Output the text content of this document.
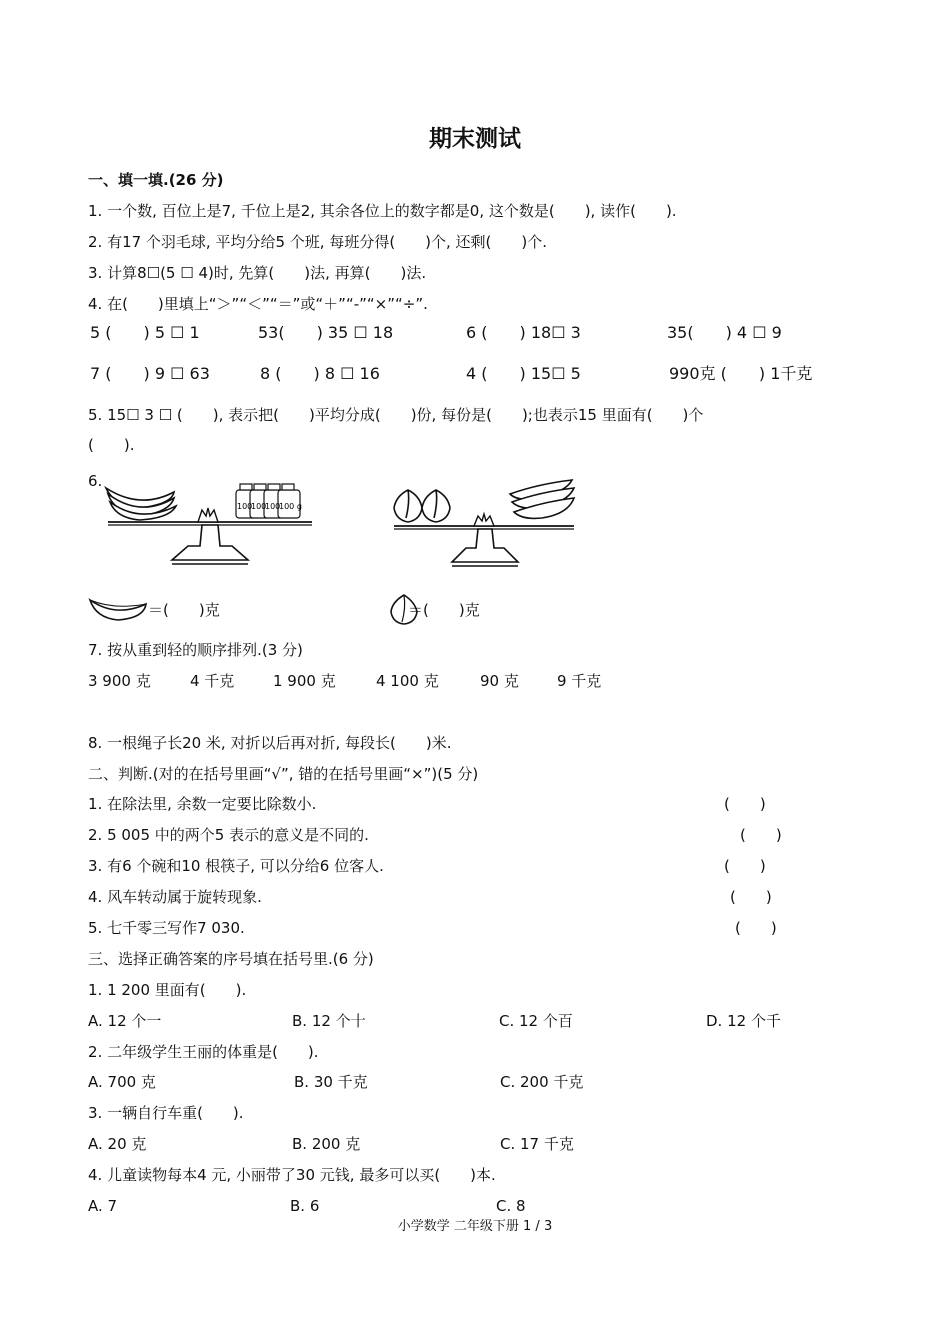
期末测试
一、填一填.(26 分)
1. 一个数, 百位上是7, 千位上是2, 其余各位上的数字都是0, 这个数是(　　), 读作(　　).
2. 有17 个羽毛球, 平均分给5 个班, 每班分得(　　)个, 还剩(　　)个.
3. 计算8☐(5 ☐ 4)时, 先算(　　)法, 再算(　　)法.
4. 在(　　)里填上“＞”“＜”“＝”或“＋”“-”“×”“÷”.
5 (　　) 5 ☐ 1	53(　　) 35 ☐ 18	6 (　　) 18☐ 3	35(　　) 4 ☐ 9
7 (　　) 9 ☐ 63	8 (　　) 8 ☐ 16	4 (　　) 15☐ 5	990克 (　　) 1千克
5. 15☐ 3 ☐ (　　), 表示把(　　)平均分成(　　)份, 每份是(　　);也表示15 里面有(　　)个
(　　).
6.
100
100
100
100 g
＝(　　)克	＝(　　)克
7. 按从重到轻的顺序排列.(3 分)
3 900 克	4 千克	1 900 克	4 100 克	90 克	9 千克
8. 一根绳子长20 米, 对折以后再对折, 每段长(　　)米.
二、判断.(对的在括号里画“√”, 错的在括号里画“×”)(5 分)
1. 在除法里, 余数一定要比除数小.	(　　)
2. 5 005 中的两个5 表示的意义是不同的.	(　　)
3. 有6 个碗和10 根筷子, 可以分给6 位客人.	(　　)
4. 风车转动属于旋转现象.	(　　)
5. 七千零三写作7 030.	(　　)
三、选择正确答案的序号填在括号里.(6 分)
1. 1 200 里面有(　　).
A. 12 个一	B. 12 个十	C. 12 个百	D. 12 个千
2. 二年级学生王丽的体重是(　　).
A. 700 克	B. 30 千克	C. 200 千克
3. 一辆自行车重(　　).
A. 20 克	B. 200 克	C. 17 千克
4. 儿童读物每本4 元, 小丽带了30 元钱, 最多可以买(　　)本.
A. 7	B. 6	C. 8
小学数学 二年级下册 1 / 3
